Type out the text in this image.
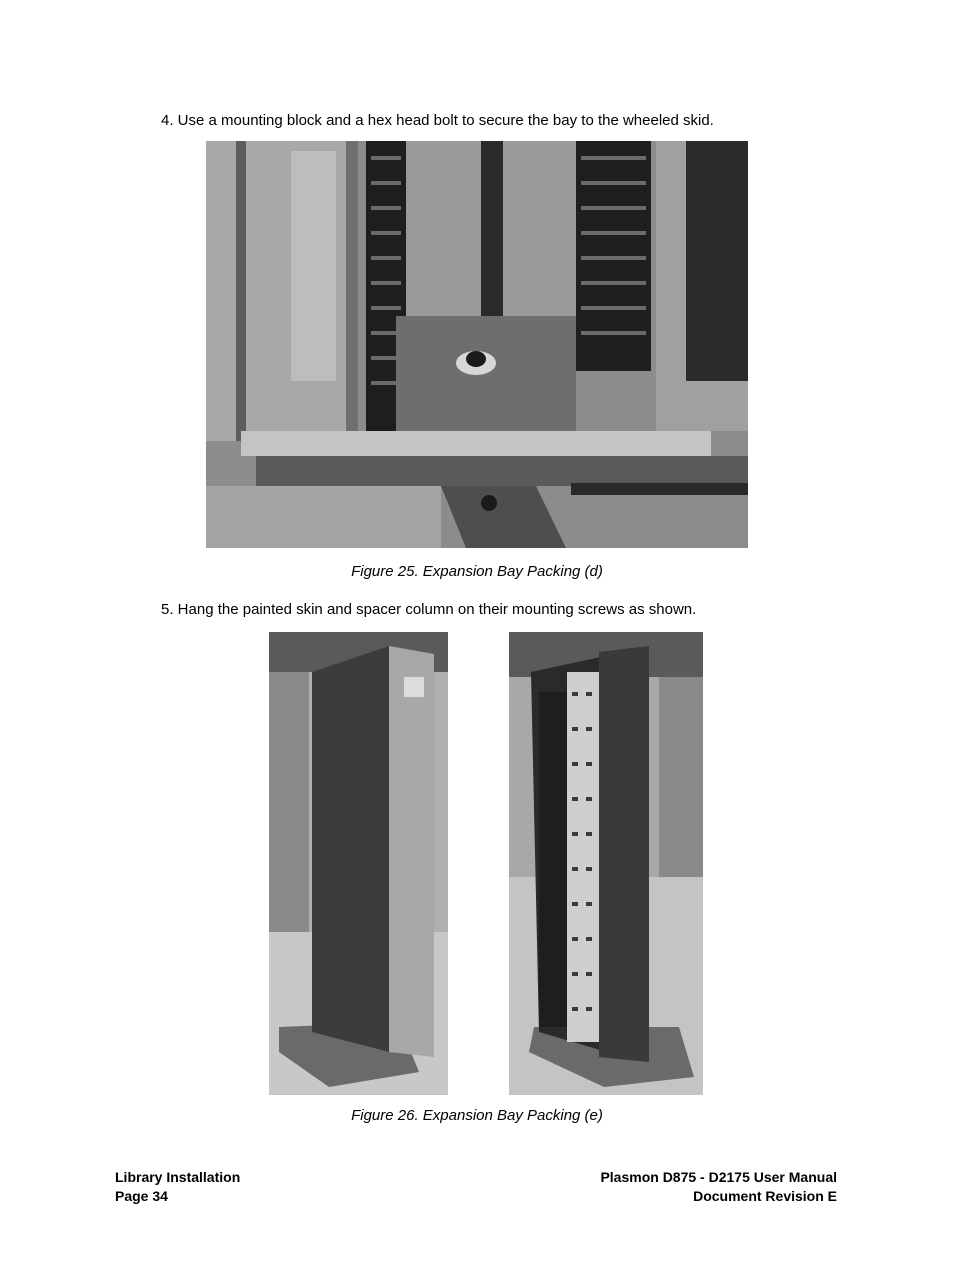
4. Use a mounting block and a hex head bolt to secure the bay to the wheeled skid.
Figure 25. Expansion Bay Packing (d)
5. Hang the painted skin and spacer column on their mounting screws as shown.
Figure 26. Expansion Bay Packing (e)
Library Installation
Page 34
Plasmon D875 - D2175 User Manual
Document Revision E
